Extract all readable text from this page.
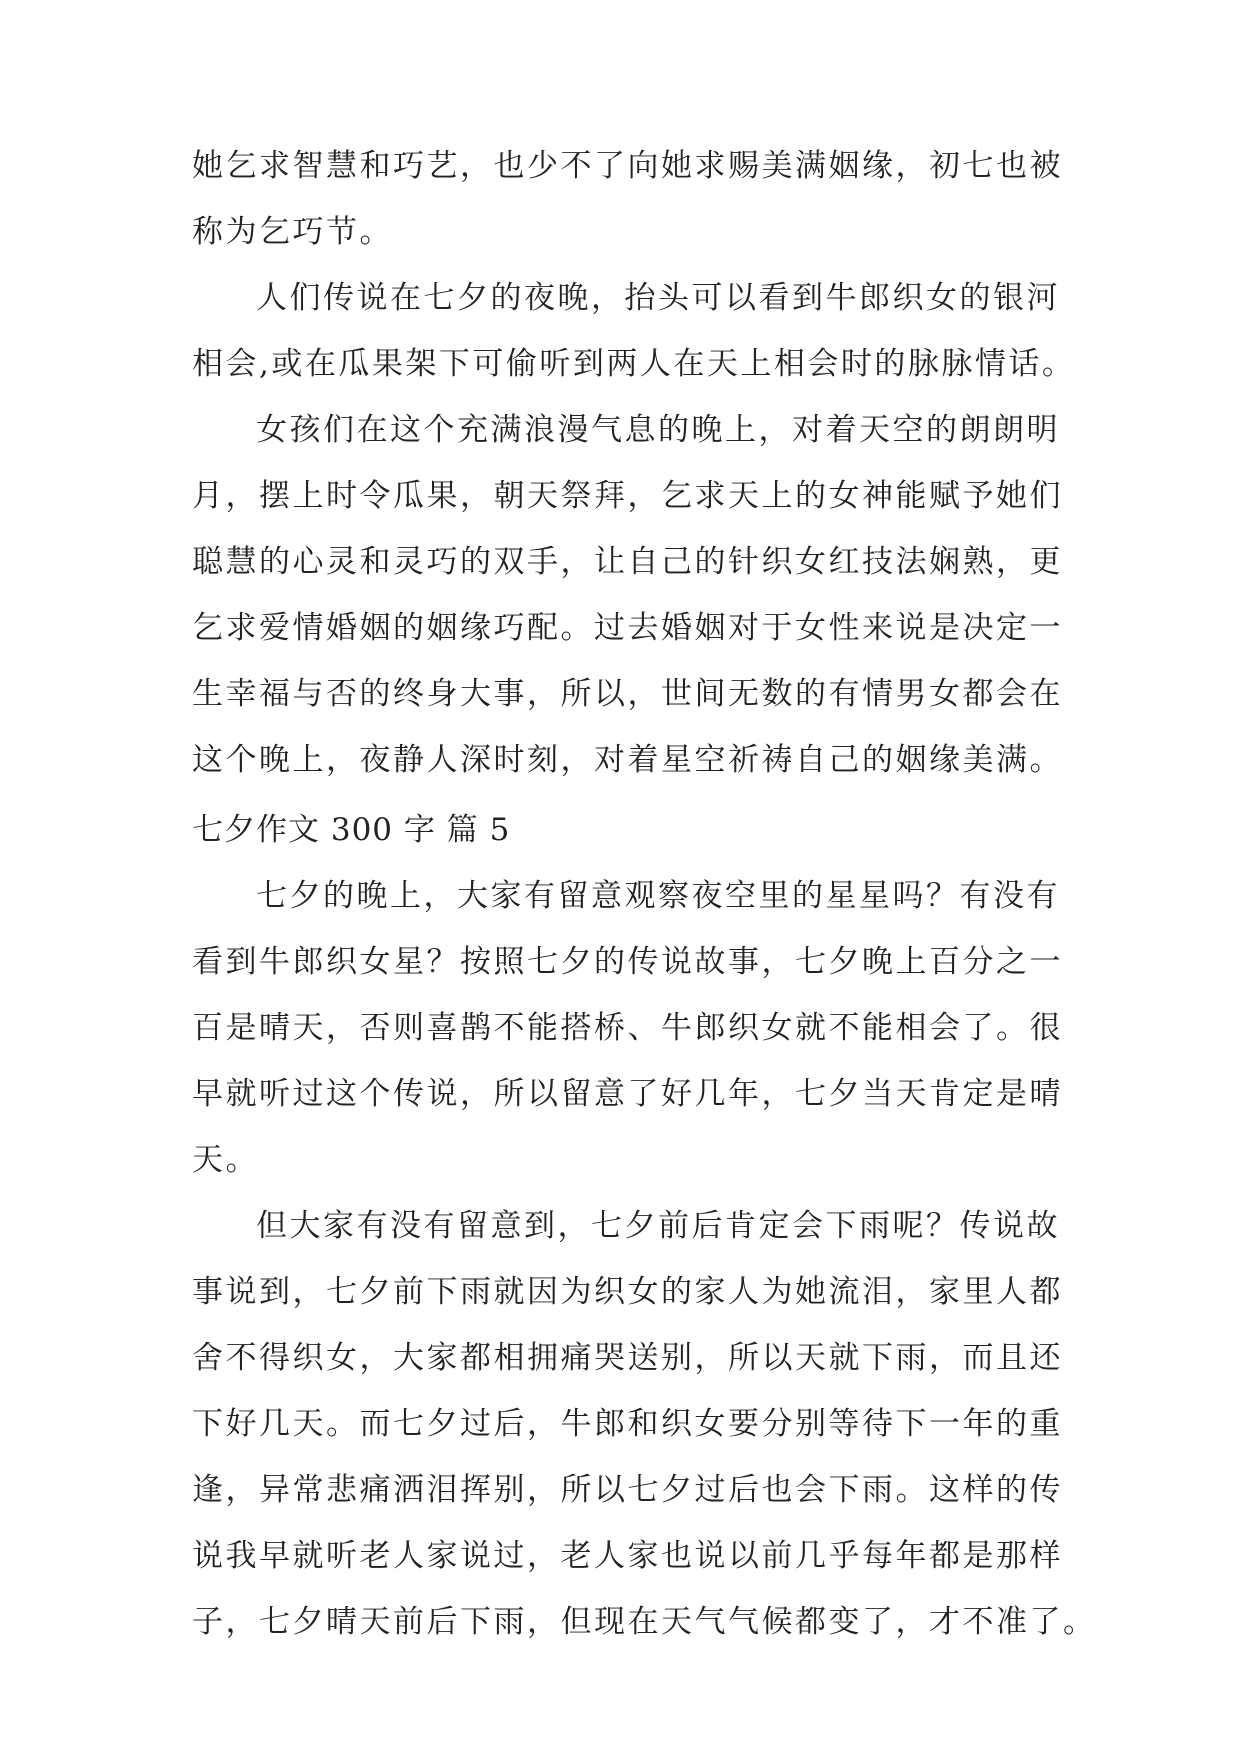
她乞求智慧和巧艺，也少不了向她求赐美满姻缘，初七也被
称为乞巧节。
人们传说在七夕的夜晚，抬头可以看到牛郎织女的银河
相会,或在瓜果架下可偷听到两人在天上相会时的脉脉情话。
女孩们在这个充满浪漫气息的晚上，对着天空的朗朗明
月，摆上时令瓜果，朝天祭拜，乞求天上的女神能赋予她们
聪慧的心灵和灵巧的双手，让自己的针织女红技法娴熟，更
乞求爱情婚姻的姻缘巧配。过去婚姻对于女性来说是决定一
生幸福与否的终身大事，所以，世间无数的有情男女都会在
这个晚上，夜静人深时刻，对着星空祈祷自己的姻缘美满。
七夕作文 300 字 篇 5
七夕的晚上，大家有留意观察夜空里的星星吗？有没有
看到牛郎织女星？按照七夕的传说故事，七夕晚上百分之一
百是晴天，否则喜鹊不能搭桥、牛郎织女就不能相会了。很
早就听过这个传说，所以留意了好几年，七夕当天肯定是晴
天。
但大家有没有留意到，七夕前后肯定会下雨呢？传说故
事说到，七夕前下雨就因为织女的家人为她流泪，家里人都
舍不得织女，大家都相拥痛哭送别，所以天就下雨，而且还
下好几天。而七夕过后，牛郎和织女要分别等待下一年的重
逢，异常悲痛洒泪挥别，所以七夕过后也会下雨。这样的传
说我早就听老人家说过，老人家也说以前几乎每年都是那样
子，七夕晴天前后下雨，但现在天气气候都变了，才不准了。
